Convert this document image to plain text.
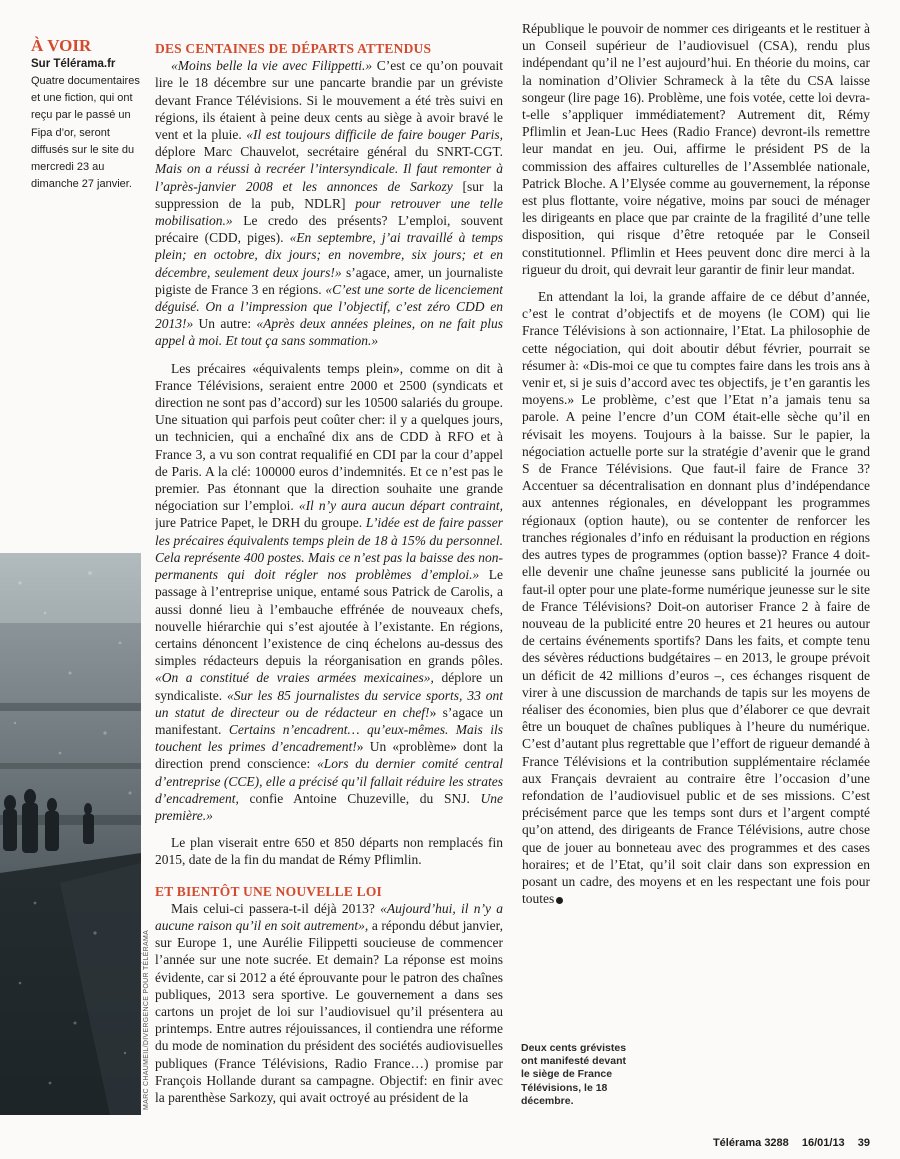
À VOIR
Sur Télérama.fr
Quatre documentaires et une fiction, qui ont reçu par le passé un Fipa d’or, seront diffusés sur le site du mercredi 23 au dimanche 27 janvier.
MARC CHAUMEIL/DIVERGENCE POUR TÉLÉRAMA

DES CENTAINES DE DÉPARTS ATTENDUS

«Moins belle la vie avec Filippetti.» C’est ce qu’on pouvait lire le 18 décembre sur une pancarte brandie par un gréviste devant France Télévisions. Si le mouvement a été très suivi en régions, ils étaient à peine deux cents au siège à avoir bravé le vent et la pluie. «Il est toujours difficile de faire bouger Paris, déplore Marc Chauvelot, secrétaire général du SNRT-CGT. Mais on a réussi à recréer l’intersyndicale. Il faut remonter à l’après-janvier 2008 et les annonces de Sarkozy [sur la suppression de la pub, NDLR] pour retrouver une telle mobilisation.» Le credo des présents? L’emploi, souvent précaire (CDD, piges). «En septembre, j’ai travaillé à temps plein; en octobre, dix jours; en novembre, six jours; et en décembre, seulement deux jours!» s’agace, amer, un journaliste pigiste de France 3 en régions. «C’est une sorte de licenciement déguisé. On a l’impression que l’objectif, c’est zéro CDD en 2013!» Un autre: «Après deux années pleines, on ne fait plus appel à moi. Et tout ça sans sommation.»

Les précaires «équivalents temps plein», comme on dit à France Télévisions, seraient entre 2000 et 2500 (syndicats et direction ne sont pas d’accord) sur les 10500 salariés du groupe. Une situation qui parfois peut coûter cher: il y a quelques jours, un technicien, qui a enchaîné dix ans de CDD à RFO et à France 3, a vu son contrat requalifié en CDI par la cour d’appel de Paris. A la clé: 100000 euros d’indemnités. Et ce n’est pas le premier. Pas étonnant que la direction souhaite une grande négociation sur l’emploi. «Il n’y aura aucun départ contraint, jure Patrice Papet, le DRH du groupe. L’idée est de faire passer les précaires équivalents temps plein de 18 à 15% du personnel. Cela représente 400 postes. Mais ce n’est pas la baisse des non-permanents qui doit régler nos problèmes d’emploi.» Le passage à l’entreprise unique, entamé sous Patrick de Carolis, a aussi donné lieu à l’embauche effrénée de nouveaux chefs, nouvelle hiérarchie qui s’est ajoutée à l’existante. En régions, certains dénoncent l’existence de cinq échelons au-dessus des simples rédacteurs depuis la réorganisation en grands pôles. «On a constitué de vraies armées mexicaines», déplore un syndicaliste. «Sur les 85 journalistes du service sports, 33 ont un statut de directeur ou de rédacteur en chef!» s’agace un manifestant. Certains n’encadrent… qu’eux-mêmes. Mais ils touchent les primes d’encadrement!» Un «problème» dont la direction prend conscience: «Lors du dernier comité central d’entreprise (CCE), elle a précisé qu’il fallait réduire les strates d’encadrement, confie Antoine Chuzeville, du SNJ. Une première.»

Le plan viserait entre 650 et 850 départs non remplacés fin 2015, date de la fin du mandat de Rémy Pflimlin.

ET BIENTÔT UNE NOUVELLE LOI

Mais celui-ci passera-t-il déjà 2013? «Aujourd’hui, il n’y a aucune raison qu’il en soit autrement», a répondu début janvier, sur Europe 1, une Aurélie Filippetti soucieuse de commencer l’année sur une note sucrée. Et demain? La réponse est moins évidente, car si 2012 a été éprouvante pour le patron des chaînes publiques, 2013 sera sportive. Le gouvernement a dans ses cartons un projet de loi sur l’audiovisuel qu’il présentera au printemps. Entre autres réjouissances, il contiendra une réforme du mode de nomination du président des sociétés audiovisuelles publiques (France Télévisions, Radio France…) promise par François Hollande durant sa campagne. Objectif: en finir avec la parenthèse Sarkozy, qui avait octroyé au président de la

République le pouvoir de nommer ces dirigeants et le restituer à un Conseil supérieur de l’audiovisuel (CSA), rendu plus indépendant qu’il ne l’est aujourd’hui. En théorie du moins, car la nomination d’Olivier Schrameck à la tête du CSA laisse songeur (lire page 16). Problème, une fois votée, cette loi devra-t-elle s’appliquer immédiatement? Autrement dit, Rémy Pflimlin et Jean-Luc Hees (Radio France) devront-ils remettre leur mandat en jeu. Oui, affirme le président PS de la commission des affaires culturelles de l’Assemblée nationale, Patrick Bloche. A l’Elysée comme au gouvernement, la réponse est plus flottante, voire négative, moins par souci de ménager les dirigeants en place que par crainte de la fragilité d’une telle disposition, qui risque d’être retoquée par le Conseil constitutionnel. Pflimlin et Hees peuvent donc dire merci à la rigueur du droit, qui devrait leur garantir de finir leur mandat.

En attendant la loi, la grande affaire de ce début d’année, c’est le contrat d’objectifs et de moyens (le COM) qui lie France Télévisions à son actionnaire, l’Etat. La philosophie de cette négociation, qui doit aboutir début février, pourrait se résumer à: «Dis-moi ce que tu comptes faire dans les trois ans à venir et, si je suis d’accord avec tes objectifs, je t’en garantis les moyens.» Le problème, c’est que l’Etat n’a jamais tenu sa parole. A peine l’encre d’un COM était-elle sèche qu’il en révisait les moyens. Toujours à la baisse. Sur le papier, la négociation actuelle porte sur la stratégie d’avenir que le grand S de France Télévisions. Que faut-il faire de France 3? Accentuer sa décentralisation en donnant plus d’indépendance aux antennes régionales, en développant les programmes régionaux (option haute), ou se contenter de renforcer les tranches régionales d’info en réduisant la production en régions des autres types de programmes (option basse)? France 4 doit-elle devenir une chaîne jeunesse sans publicité la journée ou faut-il opter pour une plate-forme numérique jeunesse sur le site de France Télévisions? Doit-on autoriser France 2 à faire de nouveau de la publicité entre 20 heures et 21 heures ou autour de certains événements sportifs? Dans les faits, et compte tenu des sévères réductions budgétaires – en 2013, le groupe prévoit un déficit de 42 millions d’euros –, ces échanges risquent de virer à une discussion de marchands de tapis sur les moyens de réaliser des économies, bien plus que d’élaborer ce que devrait être un bouquet de chaînes publiques à l’heure du numérique. C’est d’autant plus regrettable que l’effort de rigueur demandé à France Télévisions et la contribution supplémentaire réclamée aux Français devraient au contraire être l’occasion d’une refondation de l’audiovisuel public et de ses missions. C’est précisément parce que les temps sont durs et l’argent compté qu’on attend, des dirigeants de France Télévisions, autre chose que de jouer au bonneteau avec des programmes et des cases horaires; et de l’Etat, qu’il soit clair dans son expression en posant un cadre, des moyens et en les respectant une fois pour toutes

Deux cents grévistes ont manifesté devant le siège de France Télévisions, le 18 décembre.
Télérama 3288 16/01/13 39
